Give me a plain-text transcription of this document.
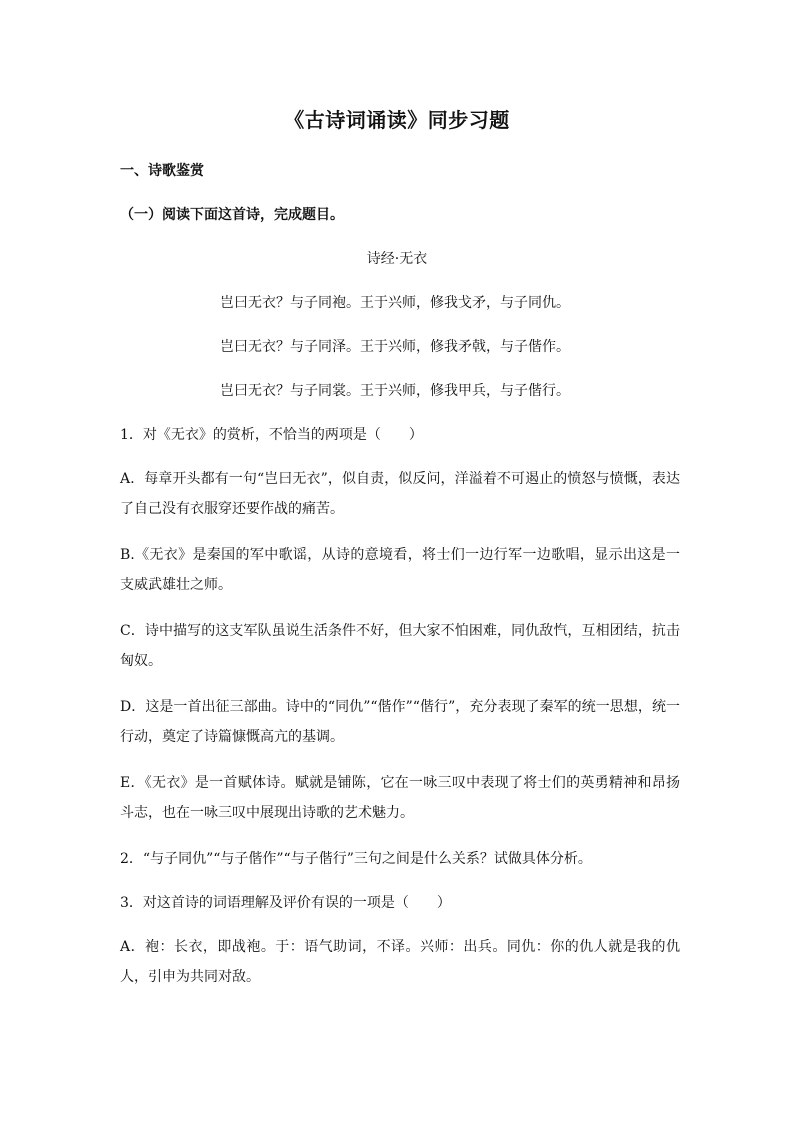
《古诗词诵读》同步习题
一、诗歌鉴赏
（一）阅读下面这首诗，完成题目。
诗经·无衣
岂曰无衣？与子同袍。王于兴师，修我戈矛，与子同仇。
岂曰无衣？与子同泽。王于兴师，修我矛戟，与子偕作。
岂曰无衣？与子同裳。王于兴师，修我甲兵，与子偕行。
1．对《无衣》的赏析，不恰当的两项是（　　）
A．每章开头都有一句“岂曰无衣”，似自责，似反问，洋溢着不可遏止的愤怒与愤慨，表达了自己没有衣服穿还要作战的痛苦。
B.《无衣》是秦国的军中歌谣，从诗的意境看，将士们一边行军一边歌唱，显示出这是一支威武雄壮之师。
C．诗中描写的这支军队虽说生活条件不好，但大家不怕困难，同仇敌忾，互相团结，抗击匈奴。
D．这是一首出征三部曲。诗中的“同仇”“偕作”“偕行”，充分表现了秦军的统一思想，统一行动，奠定了诗篇慷慨高亢的基调。
E．《无衣》是一首赋体诗。赋就是铺陈，它在一咏三叹中表现了将士们的英勇精神和昂扬斗志，也在一咏三叹中展现出诗歌的艺术魅力。
2．“与子同仇”“与子偕作”“与子偕行”三句之间是什么关系？试做具体分析。
3．对这首诗的词语理解及评价有误的一项是（　　）
A．袍：长衣，即战袍。于：语气助词，不译。兴师：出兵。同仇：你的仇人就是我的仇人，引申为共同对敌。
